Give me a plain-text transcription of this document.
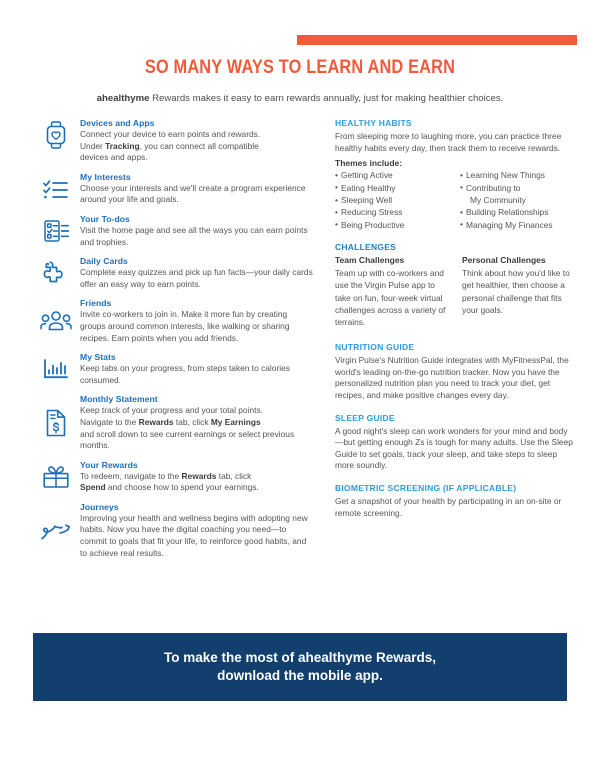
SO MANY WAYS TO LEARN AND EARN
ahealthyme Rewards makes it easy to earn rewards annually, just for making healthier choices.
Devices and Apps

Connect your device to earn points and rewards.
Under Tracking, you can connect all compatible
devices and apps.

My Interests

Choose your interests and we'll create a program experience around your life and goals.

Your To-dos

Visit the home page and see all the ways you can earn points and trophies.

Daily Cards

Complete easy quizzes and pick up fun facts—your daily cards offer an easy way to earn points.

Friends

Invite co-workers to join in. Make it more fun by creating groups around common interests, like walking or sharing recipes. Earn points when you add friends.

My Stats

Keep tabs on your progress, from steps taken to calories consumed.

Monthly Statement

Keep track of your progress and your total points.
Navigate to the Rewards tab, click My Earnings
and scroll down to see current earnings or select previous months.

Your Rewards

To redeem, navigate to the Rewards tab, click
Spend and choose how to spend your earnings.

Journeys

Improving your health and wellness begins with adopting new habits. Now you have the digital coaching you need—to commit to goals that fit your life, to reinforce good habits, and to achieve real results.

HEALTHY HABITS

From sleeping more to laughing more, you can practice three healthy habits every day, then track them to receive rewards.

Themes include:
• Getting Active
• Eating Healthy
• Sleeping Well
• Reducing Stress
• Being Productive
• Learning New Things
• Contributing to
My Community
• Building Relationships
• Managing My Finances
CHALLENGES
Team Challenges

Team up with co-workers and use the Virgin Pulse app to take on fun, four-week virtual challenges across a variety of terrains.

Personal Challenges

Think about how you'd like to get healthier, then choose a personal challenge that fits your goals.

NUTRITION GUIDE

Virgin Pulse's Nutrition Guide integrates with MyFitnessPal, the world's leading on-the-go nutrition tracker. Now you have the personalized nutrition plan you need to track your diet, get recipes, and make positive changes every day.

SLEEP GUIDE

A good night's sleep can work wonders for your mind and body—but getting enough Zs is tough for many adults. Use the Sleep Guide to set goals, track your sleep, and take steps to sleep more soundly.

BIOMETRIC SCREENING (IF APPLICABLE)

Get a snapshot of your health by participating in an on-site or remote screening.

To make the most of ahealthyme Rewards,
download the mobile app.
